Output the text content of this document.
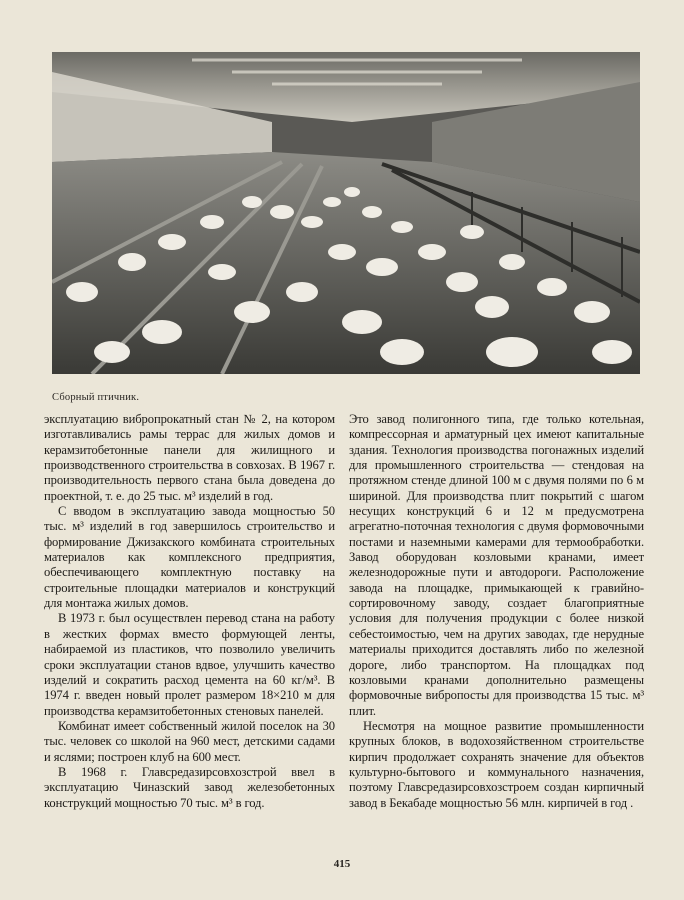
Сборный птичник.

эксплуатацию вибропрокатный стан № 2, на котором изготавливались рамы террас для жилых домов и керамзитобетонные панели для жилищного и производственного строительства в совхозах. В 1967 г. производительность первого стана была доведена до проектной, т. е. до 25 тыс. м³ изделий в год.

С вводом в эксплуатацию завода мощностью 50 тыс. м³ изделий в год завершилось строительство и формирование Джизакского комбината строительных материалов как комплексного предприятия, обеспечивающего комплектную поставку на строительные площадки материалов и конструкций для монтажа жилых домов.

В 1973 г. был осуществлен перевод стана на работу в жестких формах вместо формующей ленты, набираемой из пластиков, что позволило увеличить сроки эксплуатации станов вдвое, улучшить качество изделий и сократить расход цемента на 60 кг/м³. В 1974 г. введен новый пролет размером 18×210 м для производства керамзитобетонных стеновых панелей.

Комбинат имеет собственный жилой поселок на 30 тыс. человек со школой на 960 мест, детскими садами и яслями; построен клуб на 600 мест.

В 1968 г. Главсредазирсовхозстрой ввел в эксплуатацию Чиназский завод железобетонных конструкций мощностью 70 тыс. м³ в год.

Это завод полигонного типа, где только котельная, компрессорная и арматурный цех имеют капитальные здания. Технология производства погонажных изделий для промышленного строительства — стендовая на протяжном стенде длиной 100 м с двумя полями по 6 м шириной. Для производства плит покрытий с шагом несущих конструкций 6 и 12 м предусмотрена агрегатно-поточная технология с двумя формовочными постами и наземными камерами для термообработки. Завод оборудован козловыми кранами, имеет железнодорожные пути и автодороги. Расположение завода на площадке, примыкающей к гравийно-сортировочному заводу, создает благоприятные условия для получения продукции с более низкой себестоимостью, чем на других заводах, где нерудные материалы приходится доставлять либо по железной дороге, либо транспортом. На площадках под козловыми кранами дополнительно размещены формовочные вибропосты для производства 15 тыс. м³ плит.

Несмотря на мощное развитие промышленности крупных блоков, в водохозяйственном строительстве кирпич продолжает сохранять значение для объектов культурно-бытового и коммунального назначения, поэтому Главсредазирсовхозстроем создан кирпичный завод в Бекабаде мощностью 56 млн. кирпичей в год .

415
